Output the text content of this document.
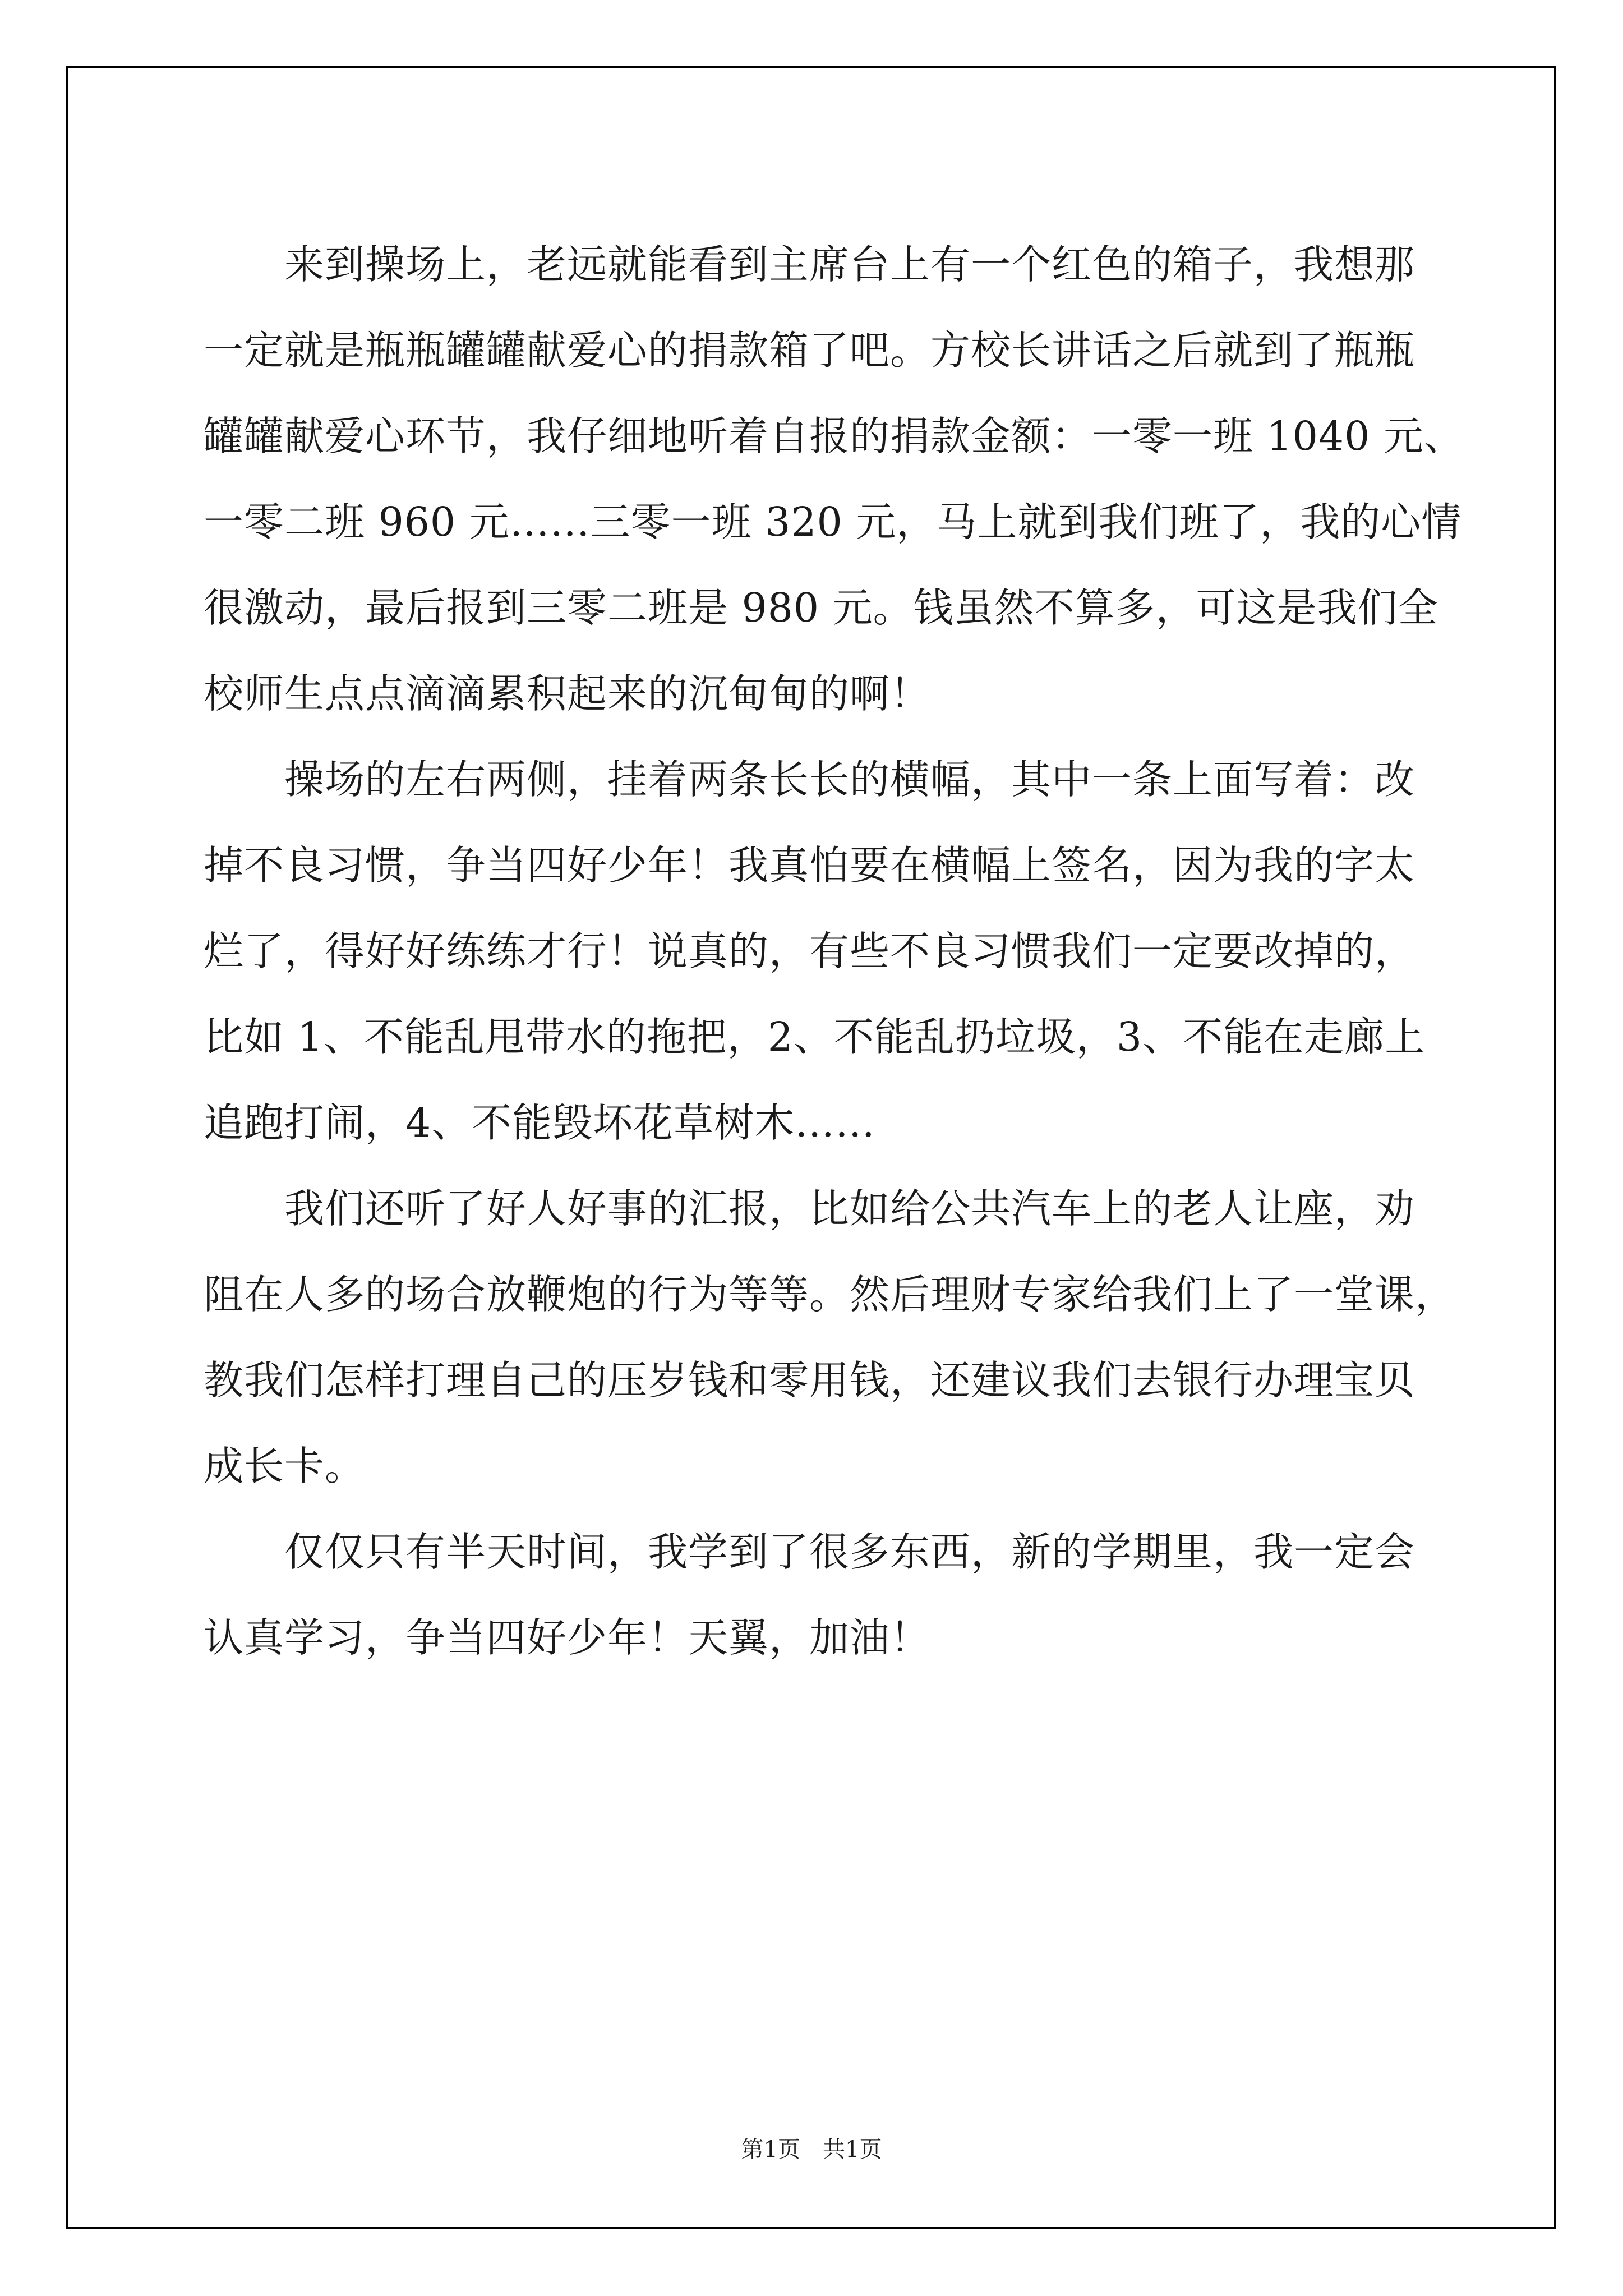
来到操场上，老远就能看到主席台上有一个红色的箱子，我想那
一定就是瓶瓶罐罐献爱心的捐款箱了吧。方校长讲话之后就到了瓶瓶
罐罐献爱心环节，我仔细地听着自报的捐款金额：一零一班 1040 元、
一零二班 960 元……三零一班 320 元，马上就到我们班了，我的心情
很激动，最后报到三零二班是 980 元。钱虽然不算多，可这是我们全
校师生点点滴滴累积起来的沉甸甸的啊！

操场的左右两侧，挂着两条长长的横幅，其中一条上面写着：改
掉不良习惯，争当四好少年！我真怕要在横幅上签名，因为我的字太
烂了，得好好练练才行！说真的，有些不良习惯我们一定要改掉的，
比如 1、不能乱甩带水的拖把，2、不能乱扔垃圾，3、不能在走廊上
追跑打闹，4、不能毁坏花草树木……

我们还听了好人好事的汇报，比如给公共汽车上的老人让座，劝
阻在人多的场合放鞭炮的行为等等。然后理财专家给我们上了一堂课，
教我们怎样打理自己的压岁钱和零用钱，还建议我们去银行办理宝贝
成长卡。

仅仅只有半天时间，我学到了很多东西，新的学期里，我一定会
认真学习，争当四好少年！天翼，加油！

第1页 共1页
